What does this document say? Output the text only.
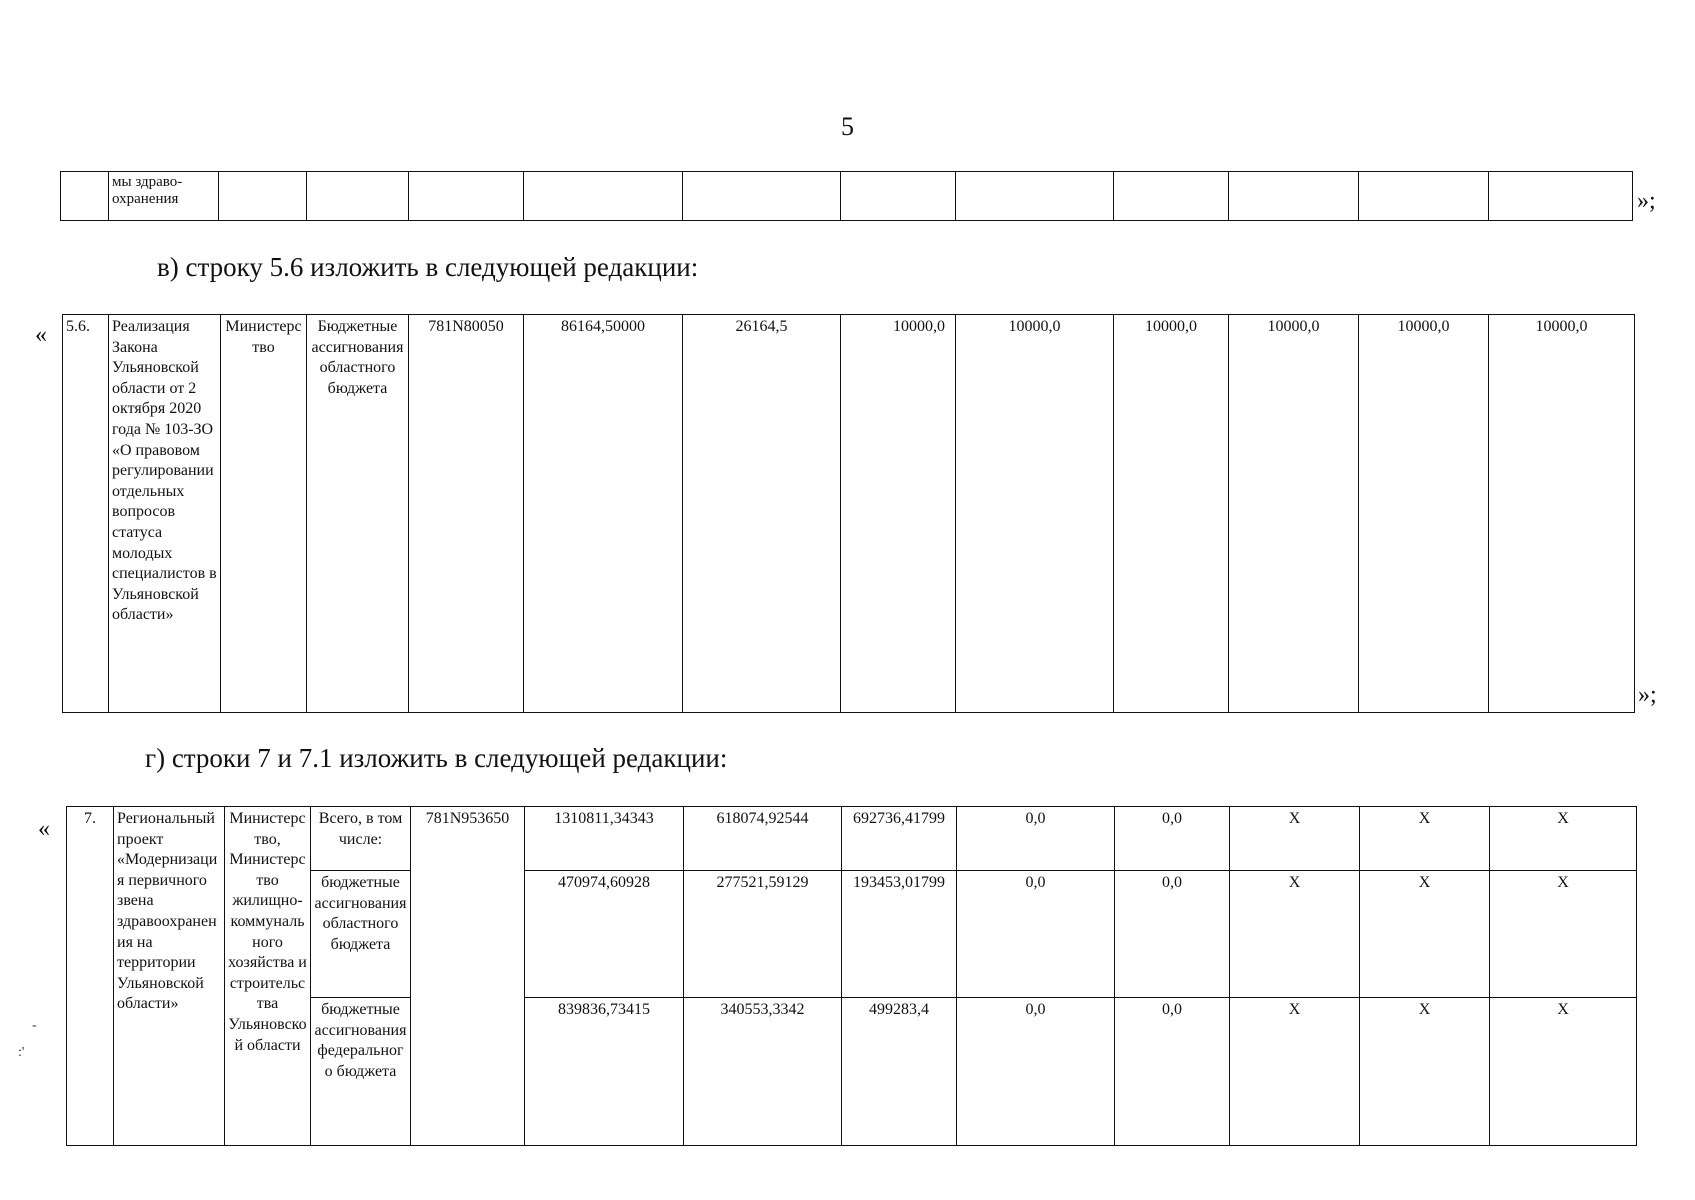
5
	мы здраво-охранения												»;
в) строку 5.6 изложить в следующей редакции:
« 5.6.	Реализация Закона Ульяновской области от 2 октября 2020 года № 103-ЗО «О правовом регулировании отдельных вопросов статуса молодых специалистов в Ульяновской области»	Министерство	Бюджетные ассигнования областного бюджета	781N80050	86164,50000	26164,5	10000,0	10000,0	10000,0	10000,0	10000,0	10000,0
»;
г) строки 7 и 7.1 изложить в следующей редакции:
« 7.	Региональный проект «Модернизация первичного звена здравоохранения на территории Ульяновской области»	Министерство, Министерство жилищно-коммунального хозяйства и строительства Ульяновской области	Всего, в том числе:	781N953650	1310811,34343	618074,92544	692736,41799	0,0	0,0	X	X	X
			бюджетные ассигнования областного бюджета		470974,60928	277521,59129	193453,01799	0,0	0,0	X	X	X
			бюджетные ассигнования федерального бюджета		839836,73415	340553,3342	499283,4	0,0	0,0	X	X	X
-
:'
